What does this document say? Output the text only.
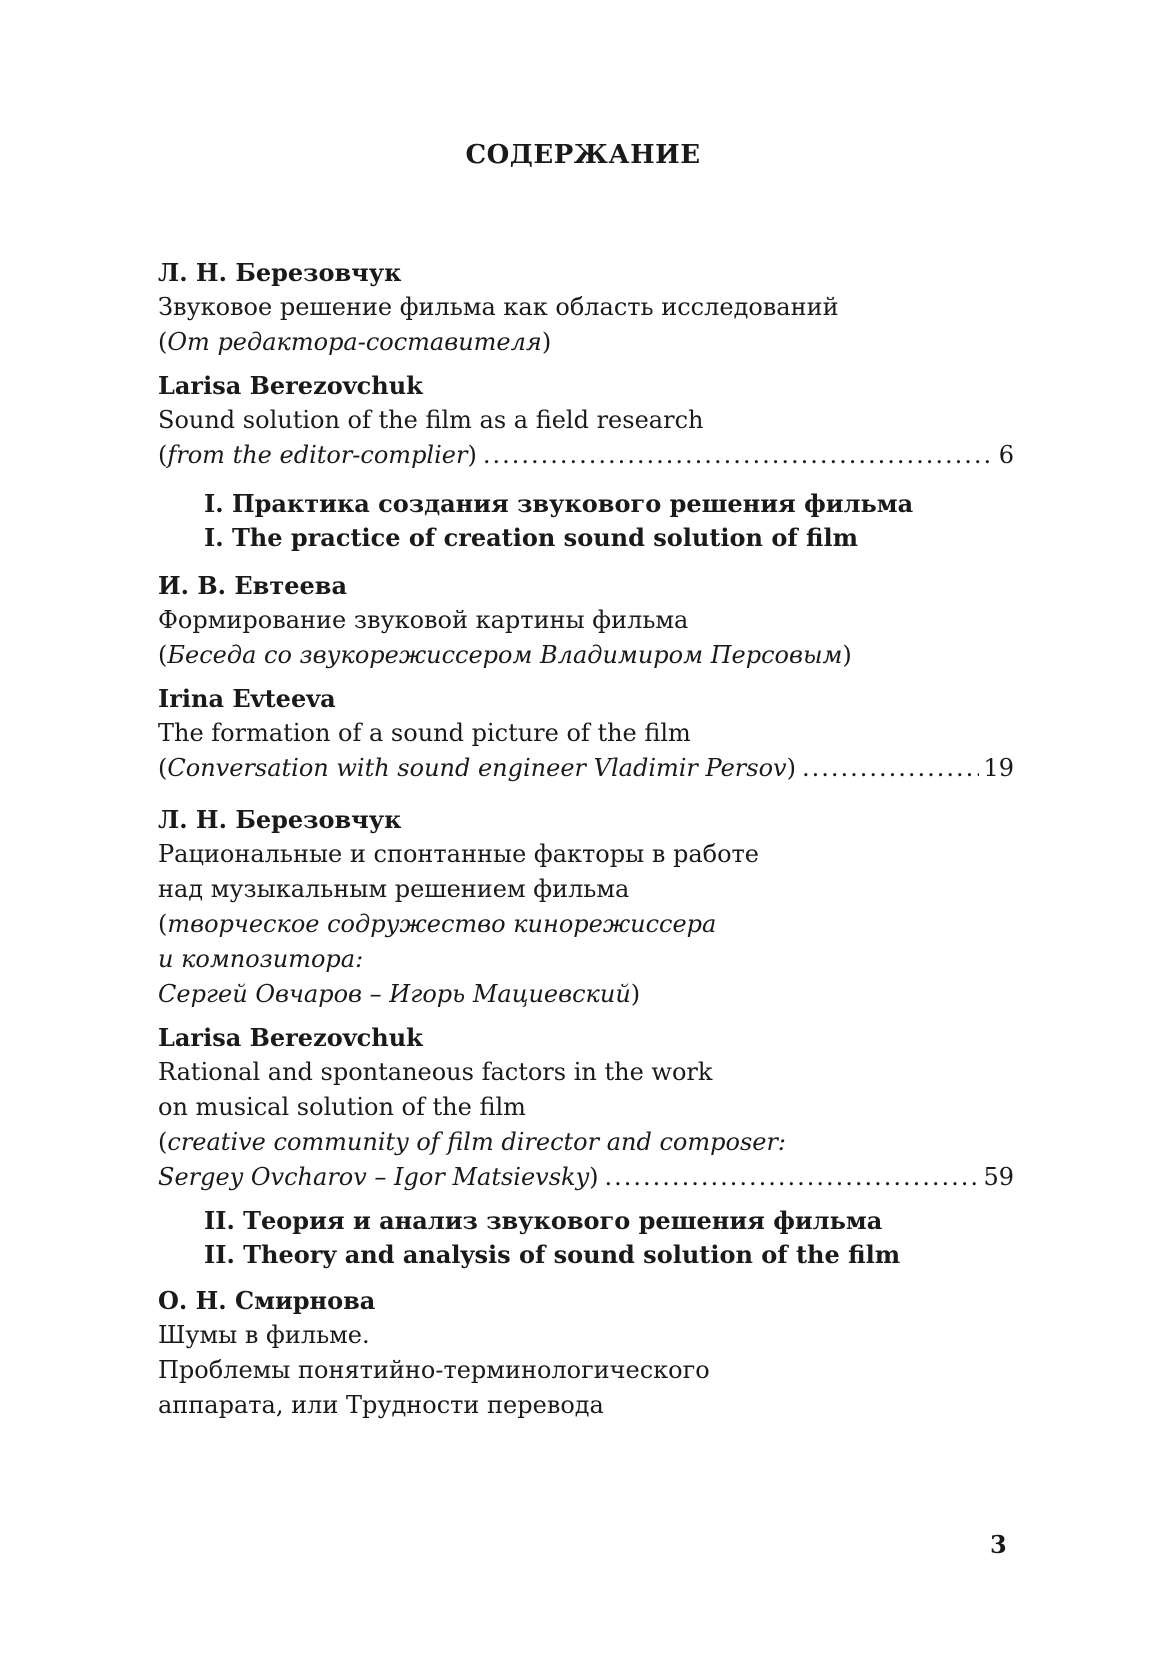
СОДЕРЖАНИЕ
Л. Н. Березовчук
Звуковое решение фильма как область исследований
(От редактора-составителя)
Larisa Berezovchuk
Sound solution of the film as a field research
(from the editor-complier) .....	6
I. Практика создания звукового решения фильма
I. The practice of creation sound solution of film
И. В. Евтеева
Формирование звуковой картины фильма
(Беседа со звукорежиссером Владимиром Персовым)
Irina Evteeva
The formation of a sound picture of the film
(Conversation with sound engineer Vladimir Persov) .....	19
Л. Н. Березовчук
Рациональные и спонтанные факторы в работе
над музыкальным решением фильма
(творческое содружество кинорежиссера
и композитора:
Сергей Овчаров – Игорь Мациевский)
Larisa Berezovchuk
Rational and spontaneous factors in the work
on musical solution of the film
(creative community of film director and composer:
Sergey Ovcharov – Igor Matsievsky) .....	59
II. Теория и анализ звукового решения фильма
II. Theory and analysis of sound solution of the film
О. Н. Смирнова
Шумы в фильме.
Проблемы понятийно-терминологического
аппарата, или Трудности перевода
3
